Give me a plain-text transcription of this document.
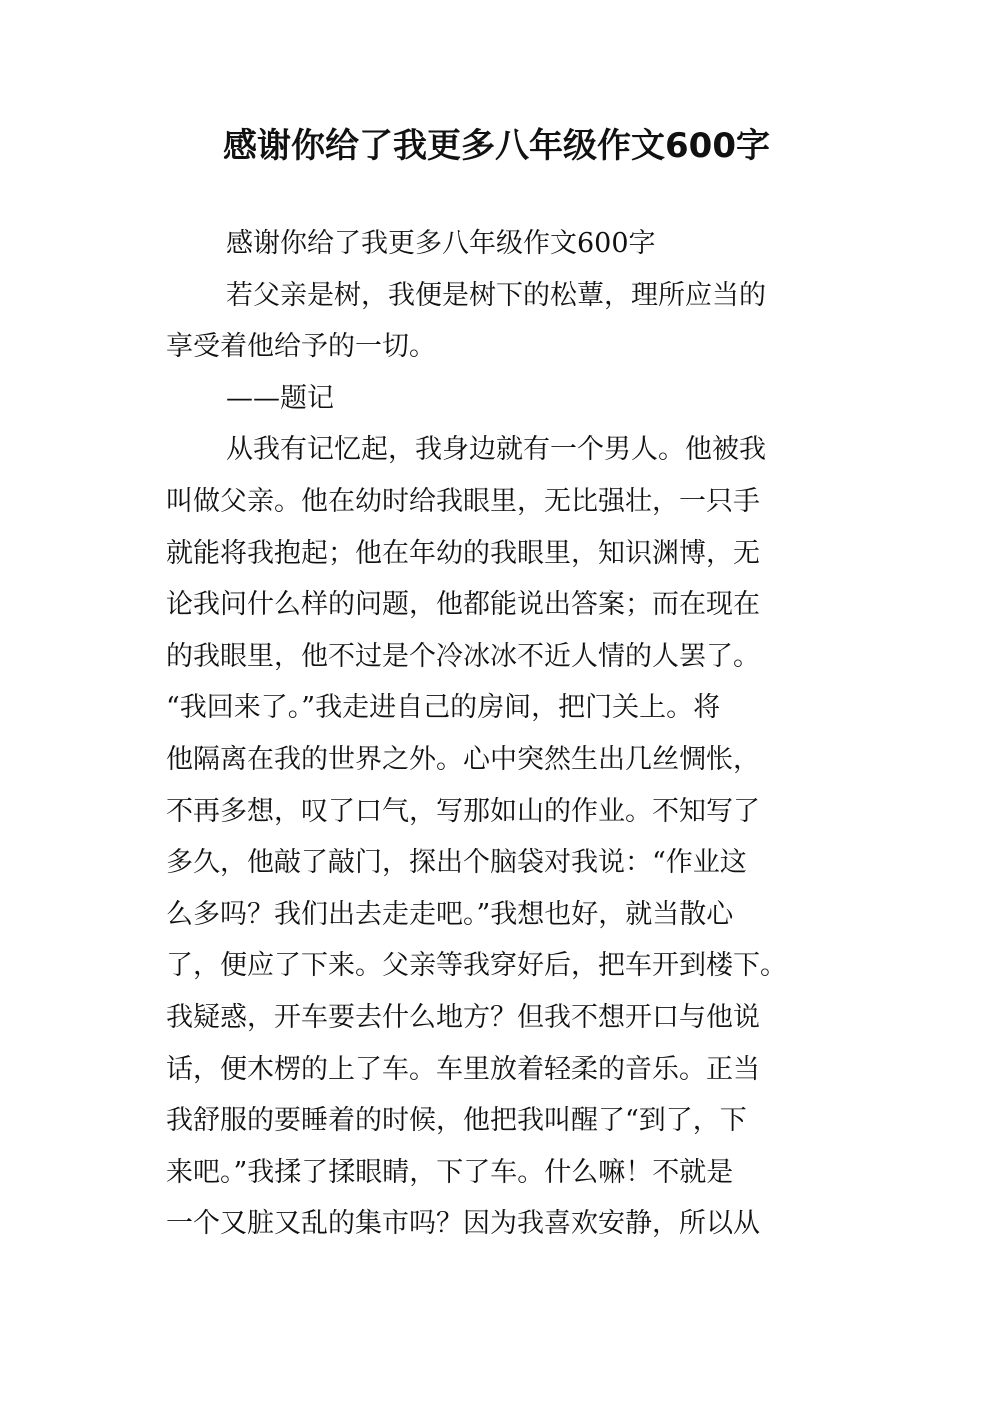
感谢你给了我更多八年级作文600字
感谢你给了我更多八年级作文600字
若父亲是树，我便是树下的松蕈，理所应当的
享受着他给予的一切。
——题记
从我有记忆起，我身边就有一个男人。他被我
叫做父亲。他在幼时给我眼里，无比强壮，一只手
就能将我抱起；他在年幼的我眼里，知识渊博，无
论我问什么样的问题，他都能说出答案；而在现在
的我眼里，他不过是个冷冰冰不近人情的人罢了。
“我回来了。”我走进自己的房间，把门关上。将
他隔离在我的世界之外。心中突然生出几丝惆怅，
不再多想，叹了口气，写那如山的作业。不知写了
多久，他敲了敲门，探出个脑袋对我说：“作业这
么多吗？我们出去走走吧。”我想也好，就当散心
了，便应了下来。父亲等我穿好后，把车开到楼下。
我疑惑，开车要去什么地方？但我不想开口与他说
话，便木楞的上了车。车里放着轻柔的音乐。正当
我舒服的要睡着的时候，他把我叫醒了“到了，下
来吧。”我揉了揉眼睛，下了车。什么嘛！不就是
一个又脏又乱的集市吗？因为我喜欢安静，所以从
